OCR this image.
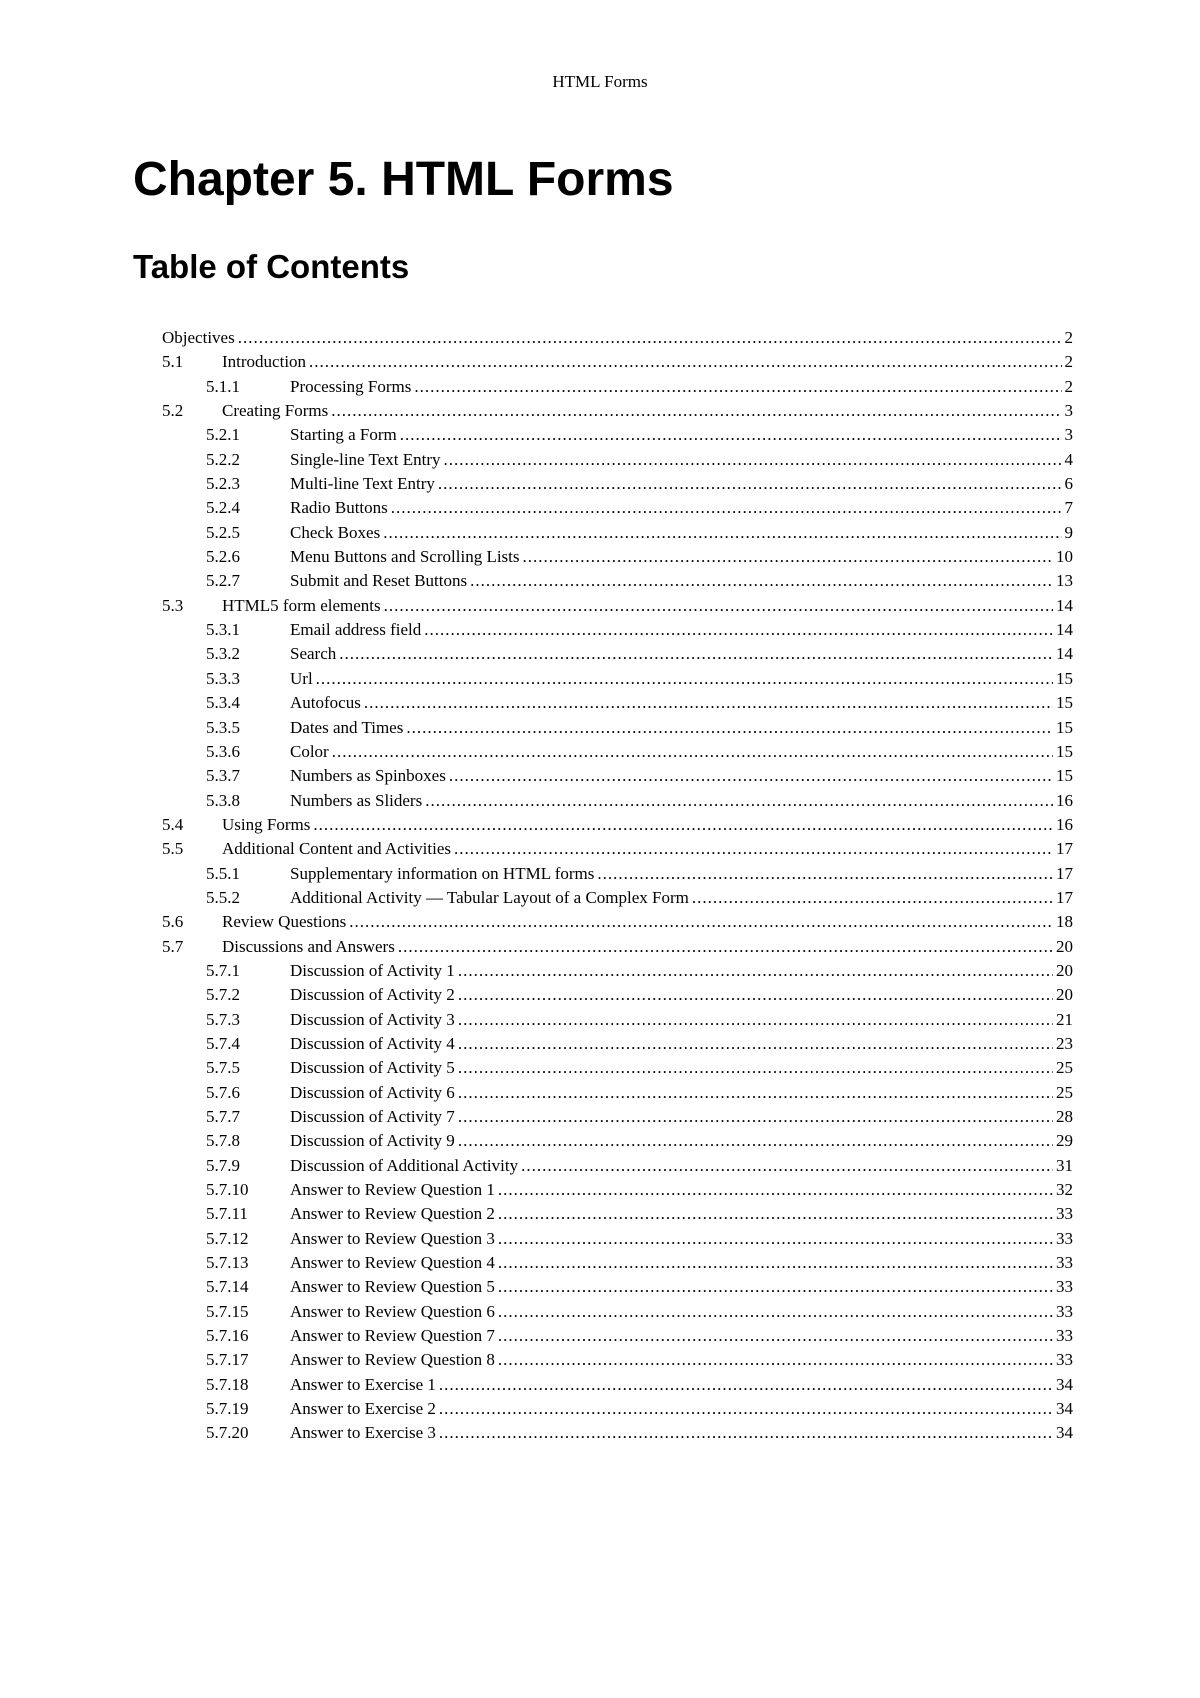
HTML Forms
Chapter 5. HTML Forms
Table of Contents
Objectives .....	2
5.1	Introduction .....	2
5.1.1	Processing Forms .....	2
5.2	Creating Forms .....	3
5.2.1	Starting a Form .....	3
5.2.2	Single-line Text Entry .....	4
5.2.3	Multi-line Text Entry .....	6
5.2.4	Radio Buttons .....	7
5.2.5	Check Boxes .....	9
5.2.6	Menu Buttons and Scrolling Lists .....	10
5.2.7	Submit and Reset Buttons .....	13
5.3	HTML5 form elements .....	14
5.3.1	Email address field .....	14
5.3.2	Search .....	14
5.3.3	Url .....	15
5.3.4	Autofocus .....	15
5.3.5	Dates and Times .....	15
5.3.6	Color .....	15
5.3.7	Numbers as Spinboxes .....	15
5.3.8	Numbers as Sliders .....	16
5.4	Using Forms .....	16
5.5	Additional Content and Activities .....	17
5.5.1	Supplementary information on HTML forms .....	17
5.5.2	Additional Activity — Tabular Layout of a Complex Form .....	17
5.6	Review Questions .....	18
5.7	Discussions and Answers .....	20
5.7.1	Discussion of Activity 1 .....	20
5.7.2	Discussion of Activity 2 .....	20
5.7.3	Discussion of Activity 3 .....	21
5.7.4	Discussion of Activity 4 .....	23
5.7.5	Discussion of Activity 5 .....	25
5.7.6	Discussion of Activity 6 .....	25
5.7.7	Discussion of Activity 7 .....	28
5.7.8	Discussion of Activity 9 .....	29
5.7.9	Discussion of Additional Activity .....	31
5.7.10	Answer to Review Question 1 .....	32
5.7.11	Answer to Review Question 2 .....	33
5.7.12	Answer to Review Question 3 .....	33
5.7.13	Answer to Review Question 4 .....	33
5.7.14	Answer to Review Question 5 .....	33
5.7.15	Answer to Review Question 6 .....	33
5.7.16	Answer to Review Question 7 .....	33
5.7.17	Answer to Review Question 8 .....	33
5.7.18	Answer to Exercise 1 .....	34
5.7.19	Answer to Exercise 2 .....	34
5.7.20	Answer to Exercise 3 .....	34
